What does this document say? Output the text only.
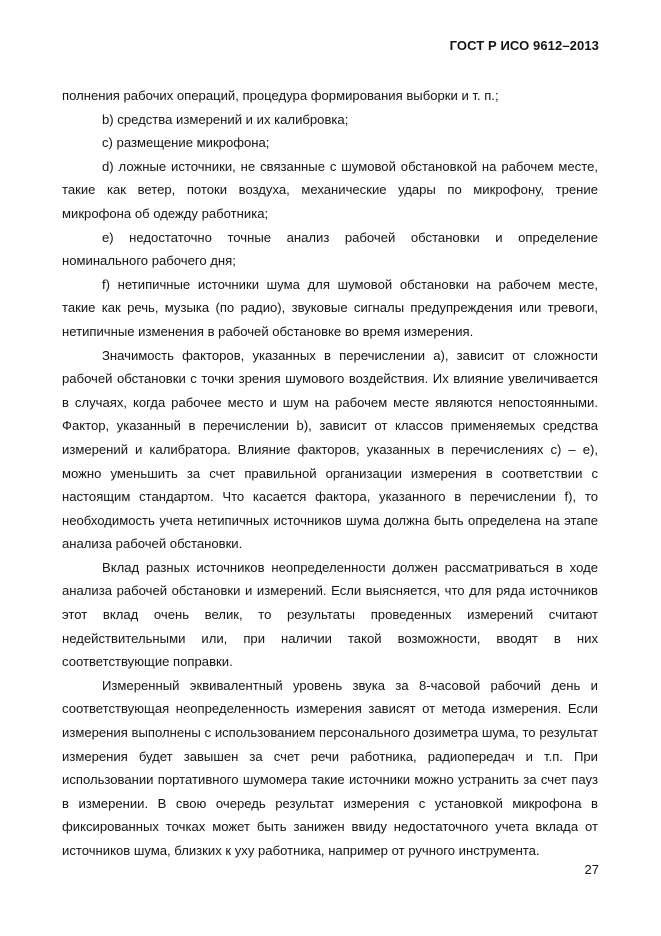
ГОСТ Р ИСО 9612–2013

полнения рабочих операций, процедура формирования выборки и т. п.;

b) средства измерений и их калибровка;

c) размещение микрофона;

d) ложные источники, не связанные с шумовой обстановкой на рабочем месте, такие как ветер, потоки воздуха, механические удары по микрофону, трение микрофона об одежду работника;

e) недостаточно точные анализ рабочей обстановки и определение номинального рабочего дня;

f) нетипичные источники шума для шумовой обстановки на рабочем месте, такие как речь, музыка (по радио), звуковые сигналы предупреждения или тревоги, нетипичные изменения в рабочей обстановке во время измерения.

Значимость факторов, указанных в перечислении a), зависит от сложности рабочей обстановки с точки зрения шумового воздействия. Их влияние увеличивается в случаях, когда рабочее место и шум на рабочем месте являются непостоянными. Фактор, указанный в перечислении b), зависит от классов применяемых средства измерений и калибратора. Влияние факторов, указанных в перечислениях c) – e), можно уменьшить за счет правильной организации измерения в соответствии с настоящим стандартом. Что касается фактора, указанного в перечислении f), то необходимость учета нетипичных источников шума должна быть определена на этапе анализа рабочей обстановки.

Вклад разных источников неопределенности должен рассматриваться в ходе анализа рабочей обстановки и измерений. Если выясняется, что для ряда источников этот вклад очень велик, то результаты проведенных измерений считают недействительными или, при наличии такой возможности, вводят в них соответствующие поправки.

Измеренный эквивалентный уровень звука за 8-часовой рабочий день и соответствующая неопределенность измерения зависят от метода измерения. Если измерения выполнены с использованием персонального дозиметра шума, то результат измерения будет завышен за счет речи работника, радиопередач и т.п. При использовании портативного шумомера такие источники можно устранить за счет пауз в измерении. В свою очередь результат измерения с установкой микрофона в фиксированных точках может быть занижен ввиду недостаточного учета вклада от источников шума, близких к уху работника, например от ручного инструмента.

27
